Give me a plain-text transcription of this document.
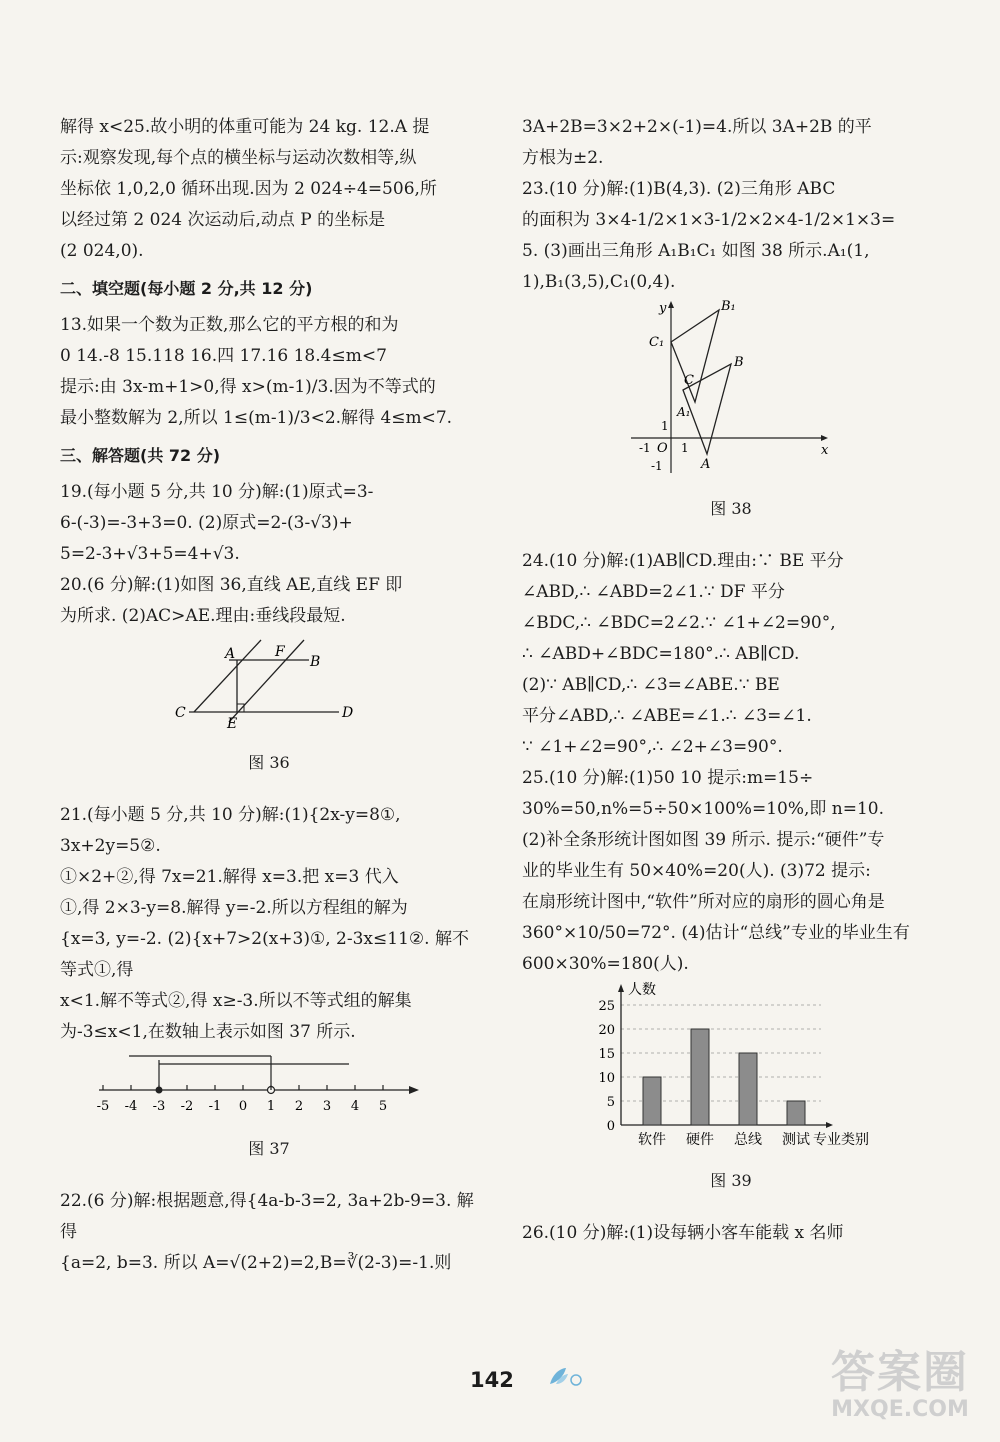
解得 x<25.故小明的体重可能为 24 kg. 12.A 提

示:观察发现,每个点的横坐标与运动次数相等,纵

坐标依 1,0,2,0 循环出现.因为 2 024÷4=506,所

以经过第 2 024 次运动后,动点 P 的坐标是

(2 024,0).

二、填空题(每小题 2 分,共 12 分)

13.如果一个数为正数,那么它的平方根的和为

0 14.-8 15.118 16.四 17.16 18.4≤m<7

提示:由 3x-m+1>0,得 x>(m-1)/3.因为不等式的

最小整数解为 2,所以 1≤(m-1)/3<2.解得 4≤m<7.

三、解答题(共 72 分)

19.(每小题 5 分,共 10 分)解:(1)原式=3-

6-(-3)=-3+3=0. (2)原式=2-(3-√3)+

5=2-3+√3+5=4+√3.

20.(6 分)解:(1)如图 36,直线 AE,直线 EF 即

为所求. (2)AC>AE.理由:垂线段最短.

A	F
B
C
E
D

图 36

21.(每小题 5 分,共 10 分)解:(1){2x-y=8①, 3x+2y=5②.

①×2+②,得 7x=21.解得 x=3.把 x=3 代入

①,得 2×3-y=8.解得 y=-2.所以方程组的解为

{x=3, y=-2. (2){x+7>2(x+3)①, 2-3x≤11②. 解不等式①,得

x<1.解不等式②,得 x≥-3.所以不等式组的解集

为-3≤x<1,在数轴上表示如图 37 所示.

-5 -4 -3 -2 -1 0 1 2 3 4 5

图 37

22.(6 分)解:根据题意,得{4a-b-3=2, 3a+2b-9=3. 解得

{a=2, b=3. 所以 A=√(2+2)=2,B=∛(2-3)=-1.则

3A+2B=3×2+2×(-1)=4.所以 3A+2B 的平

方根为±2.

23.(10 分)解:(1)B(4,3). (2)三角形 ABC

的面积为 3×4-1/2×1×3-1/2×2×4-1/2×1×3=

5. (3)画出三角形 A₁B₁C₁ 如图 38 所示.A₁(1,

1),B₁(3,5),C₁(0,4).

y
x
O
C₁
B₁
A₁
C
B
A
1
-1	1
-1

图 38

24.(10 分)解:(1)AB∥CD.理由:∵ BE 平分

∠ABD,∴ ∠ABD=2∠1.∵ DF 平分

∠BDC,∴ ∠BDC=2∠2.∵ ∠1+∠2=90°,

∴ ∠ABD+∠BDC=180°.∴ AB∥CD.

(2)∵ AB∥CD,∴ ∠3=∠ABE.∵ BE

平分∠ABD,∴ ∠ABE=∠1.∴ ∠3=∠1.

∵ ∠1+∠2=90°,∴ ∠2+∠3=90°.

25.(10 分)解:(1)50 10 提示:m=15÷

30%=50,n%=5÷50×100%=10%,即 n=10.

(2)补全条形统计图如图 39 所示. 提示:“硬件”专

业的毕业生有 50×40%=20(人). (3)72 提示:

在扇形统计图中,“软件”所对应的扇形的圆心角是

360°×10/50=72°. (4)估计“总线”专业的毕业生有

600×30%=180(人).

0
5
10
15
20
25
软件 硬件 总线 测试
人数
专业类别

图 39

26.(10 分)解:(1)设每辆小客车能载 x 名师

142	答案圈
MXQE.COM
